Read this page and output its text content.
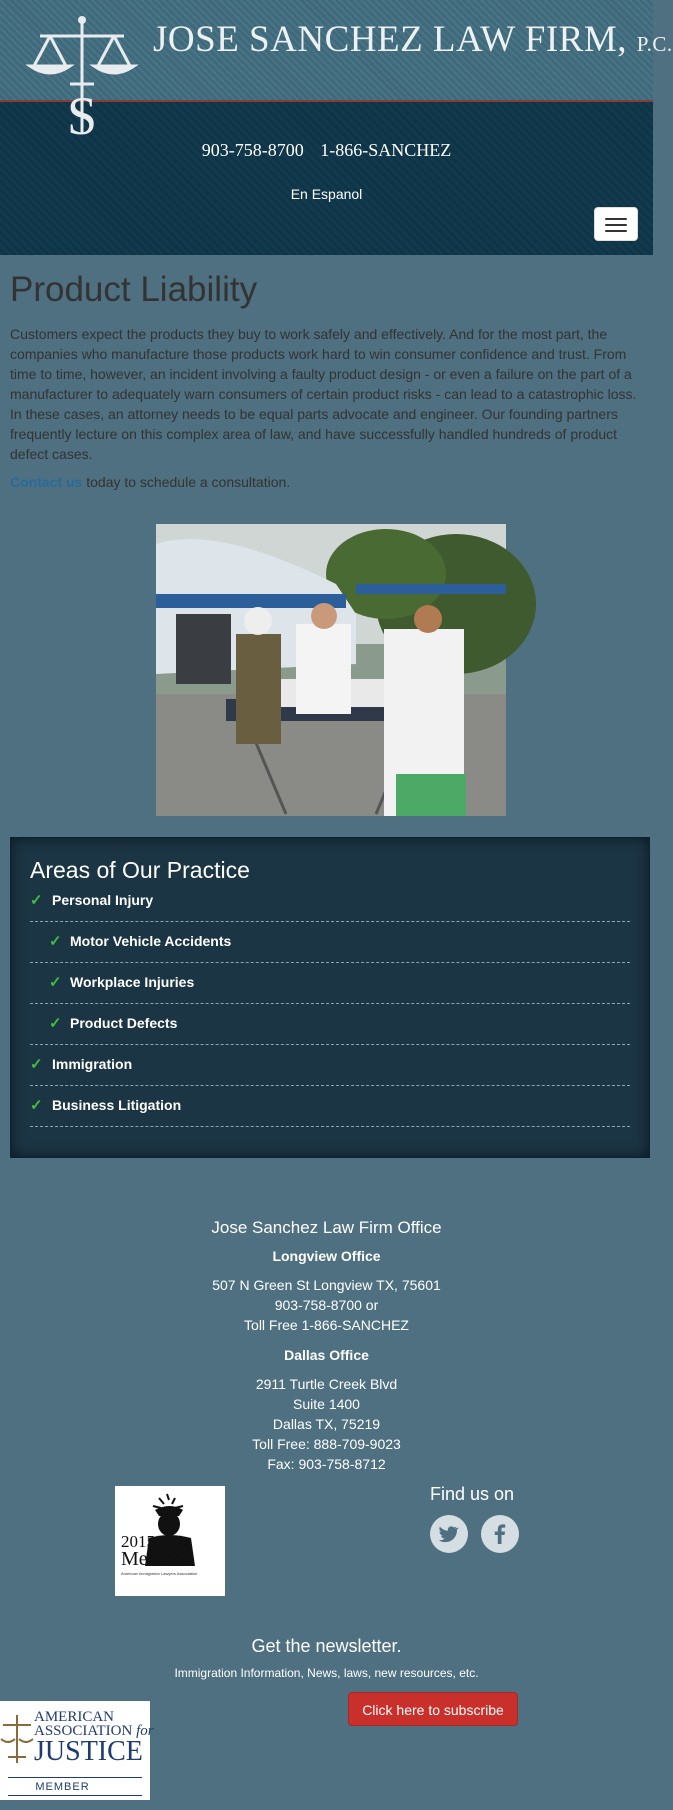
S
JOSE SANCHEZ LAW FIRM, P.C.
903-758-8700 1-866-SANCHEZ
En Espanol
Product Liability

Customers expect the products they buy to work safely and effectively. And for the most part, the companies who manufacture those products work hard to win consumer confidence and trust. From time to time, however, an incident involving a faulty product design - or even a failure on the part of a manufacturer to adequately warn consumers of certain product risks - can lead to a catastrophic loss. In these cases, an attorney needs to be equal parts advocate and engineer. Our founding partners frequently lecture on this complex area of law, and have successfully handled hundreds of product defect cases.

Contact us today to schedule a consultation.
Areas of Our Practice
✓ Personal Injury
✓ Motor Vehicle Accidents
✓ Workplace Injuries
✓ Product Defects
✓ Immigration
✓ Business Litigation
Jose Sanchez Law Firm Office
Longview Office
507 N Green St Longview TX, 75601
903-758-8700 or
Toll Free 1-866-SANCHEZ
Dallas Office
2911 Turtle Creek Blvd
Suite 1400
Dallas TX, 75219
Toll Free: 888-709-9023
Fax: 903-758-8712
2015
Member
American Immigration Lawyers Association
Find us on
Get the newsletter.
Immigration Information, News, laws, new resources, etc.
Click here to subscribe
AMERICAN
ASSOCIATION for
JUSTICE
MEMBER
